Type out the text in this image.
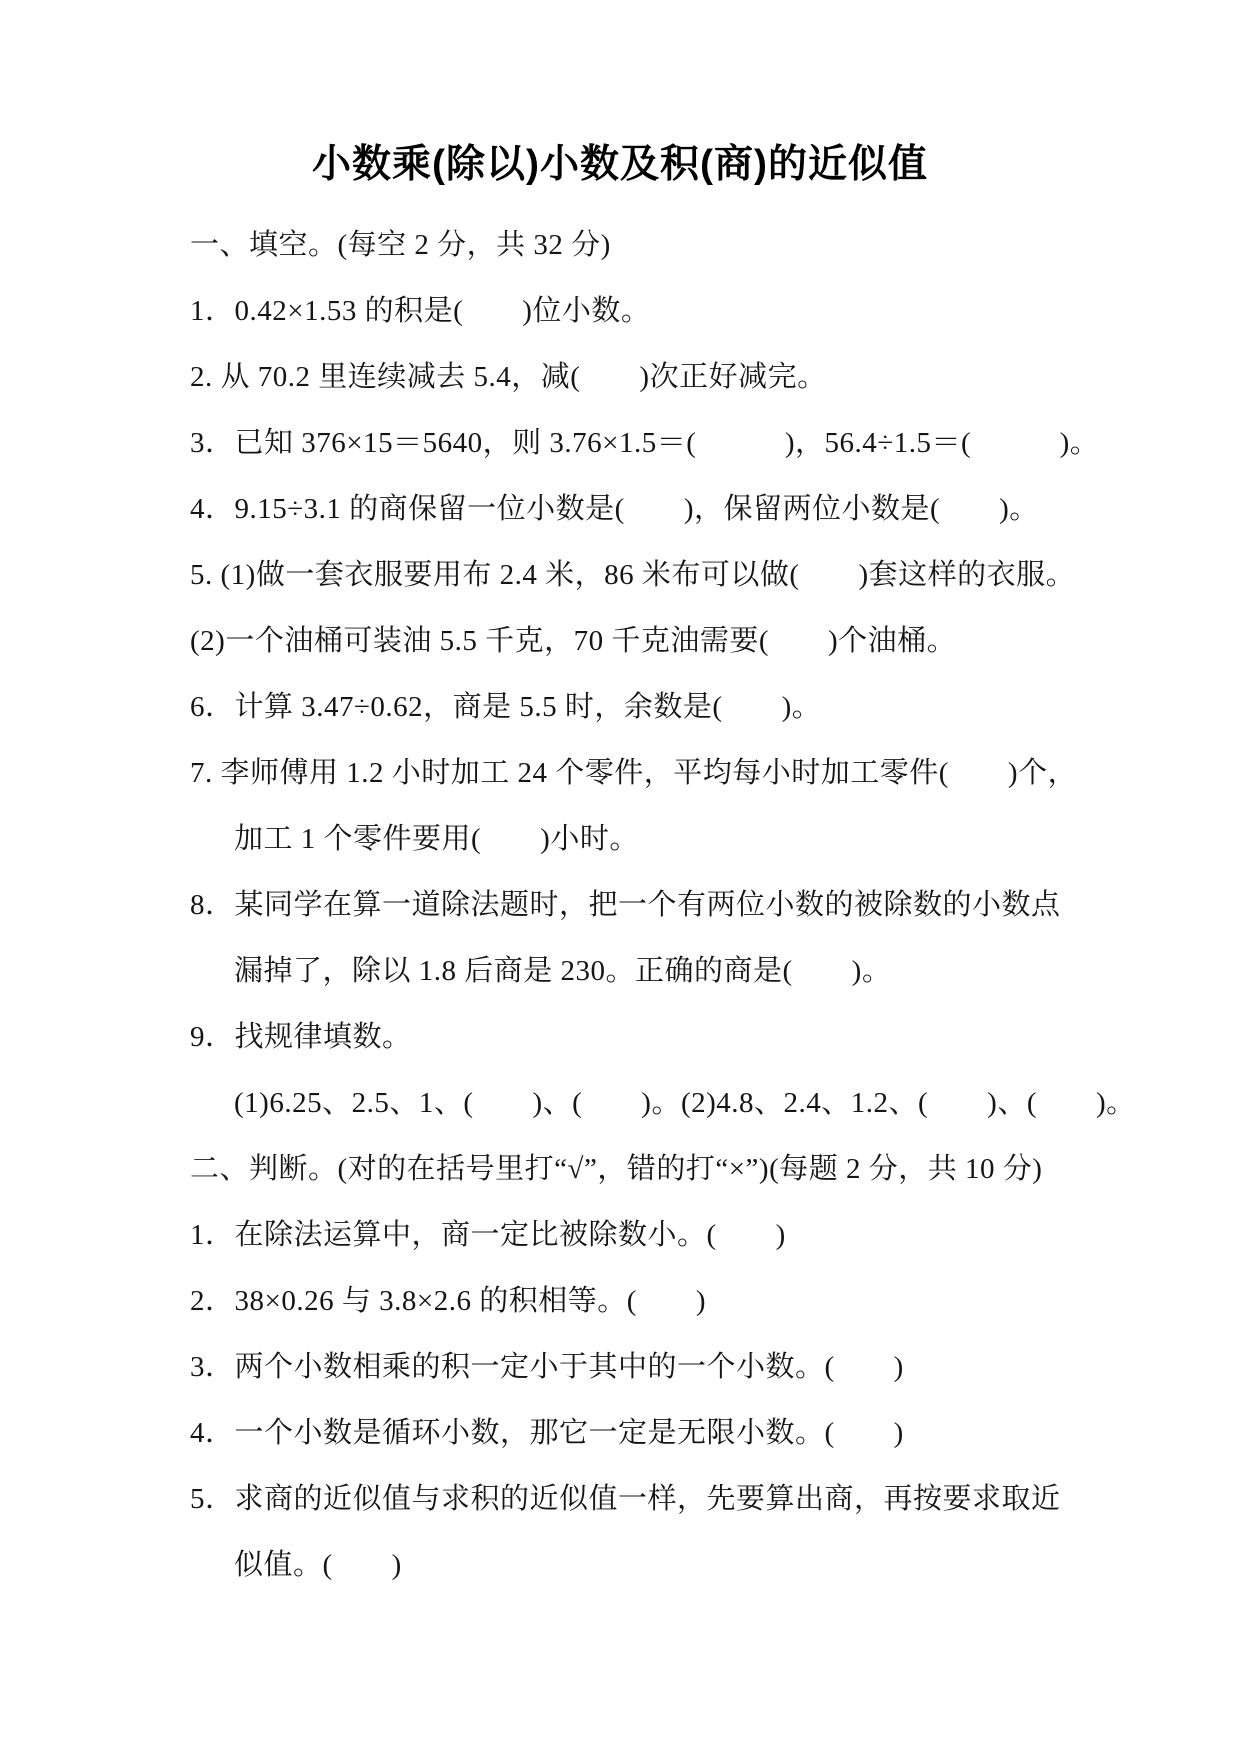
小数乘(除以)小数及积(商)的近似值
一、填空。(每空 2 分，共 32 分)
1．0.42×1.53 的积是(　　)位小数。
2. 从 70.2 里连续减去 5.4，减(　　)次正好减完。
3．已知 376×15＝5640，则 3.76×1.5＝(　　　)，56.4÷1.5＝(　　　)。
4．9.15÷3.1 的商保留一位小数是(　　)，保留两位小数是(　　)。
5. (1)做一套衣服要用布 2.4 米，86 米布可以做(　　)套这样的衣服。
(2)一个油桶可装油 5.5 千克，70 千克油需要(　　)个油桶。
6．计算 3.47÷0.62，商是 5.5 时，余数是(　　)。
7. 李师傅用 1.2 小时加工 24 个零件，平均每小时加工零件(　　)个，
加工 1 个零件要用(　　)小时。
8．某同学在算一道除法题时，把一个有两位小数的被除数的小数点
漏掉了，除以 1.8 后商是 230。正确的商是(　　)。
9．找规律填数。
(1)6.25、2.5、1、(　　)、(　　)。(2)4.8、2.4、1.2、(　　)、(　　)。
二、判断。(对的在括号里打“√”，错的打“×”)(每题 2 分，共 10 分)
1．在除法运算中，商一定比被除数小。(　　)
2．38×0.26 与 3.8×2.6 的积相等。(　　)
3．两个小数相乘的积一定小于其中的一个小数。(　　)
4．一个小数是循环小数，那它一定是无限小数。(　　)
5．求商的近似值与求积的近似值一样，先要算出商，再按要求取近
似值。(　　)
